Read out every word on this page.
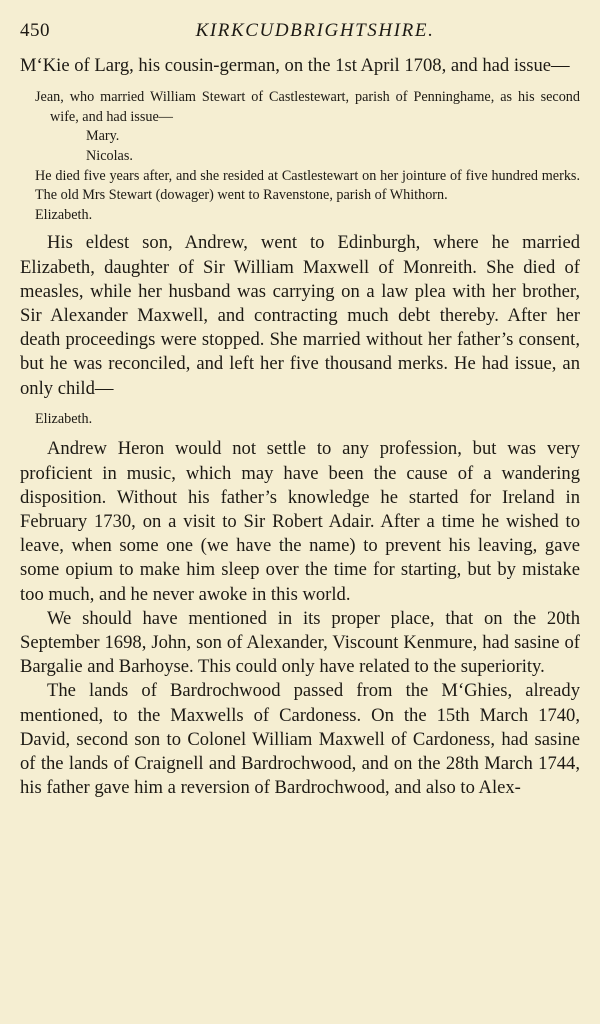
450	KIRKCUDBRIGHTSHIRE.

M‘Kie of Larg, his cousin-german, on the 1st April 1708, and had issue—

Jean, who married William Stewart of Castlestewart, parish of Penninghame, as his second wife, and had issue—
Mary.
Nicolas.
He died five years after, and she resided at Castlestewart on her jointure of five hundred merks. The old Mrs Stewart (dowager) went to Ravenstone, parish of Whithorn.
Elizabeth.

His eldest son, Andrew, went to Edinburgh, where he married Elizabeth, daughter of Sir William Maxwell of Monreith. She died of measles, while her husband was carrying on a law plea with her brother, Sir Alexander Maxwell, and contracting much debt thereby. After her death proceedings were stopped. She married without her father’s consent, but he was reconciled, and left her five thousand merks. He had issue, an only child—

Elizabeth.

Andrew Heron would not settle to any profession, but was very proficient in music, which may have been the cause of a wandering disposition. Without his father’s knowledge he started for Ireland in February 1730, on a visit to Sir Robert Adair. After a time he wished to leave, when some one (we have the name) to prevent his leaving, gave some opium to make him sleep over the time for starting, but by mistake too much, and he never awoke in this world.

We should have mentioned in its proper place, that on the 20th September 1698, John, son of Alexander, Viscount Kenmure, had sasine of Bargalie and Barhoyse. This could only have related to the superiority.

The lands of Bardrochwood passed from the M‘Ghies, already mentioned, to the Maxwells of Cardoness. On the 15th March 1740, David, second son to Colonel William Maxwell of Cardoness, had sasine of the lands of Craignell and Bardrochwood, and on the 28th March 1744, his father gave him a reversion of Bardrochwood, and also to Alex-
